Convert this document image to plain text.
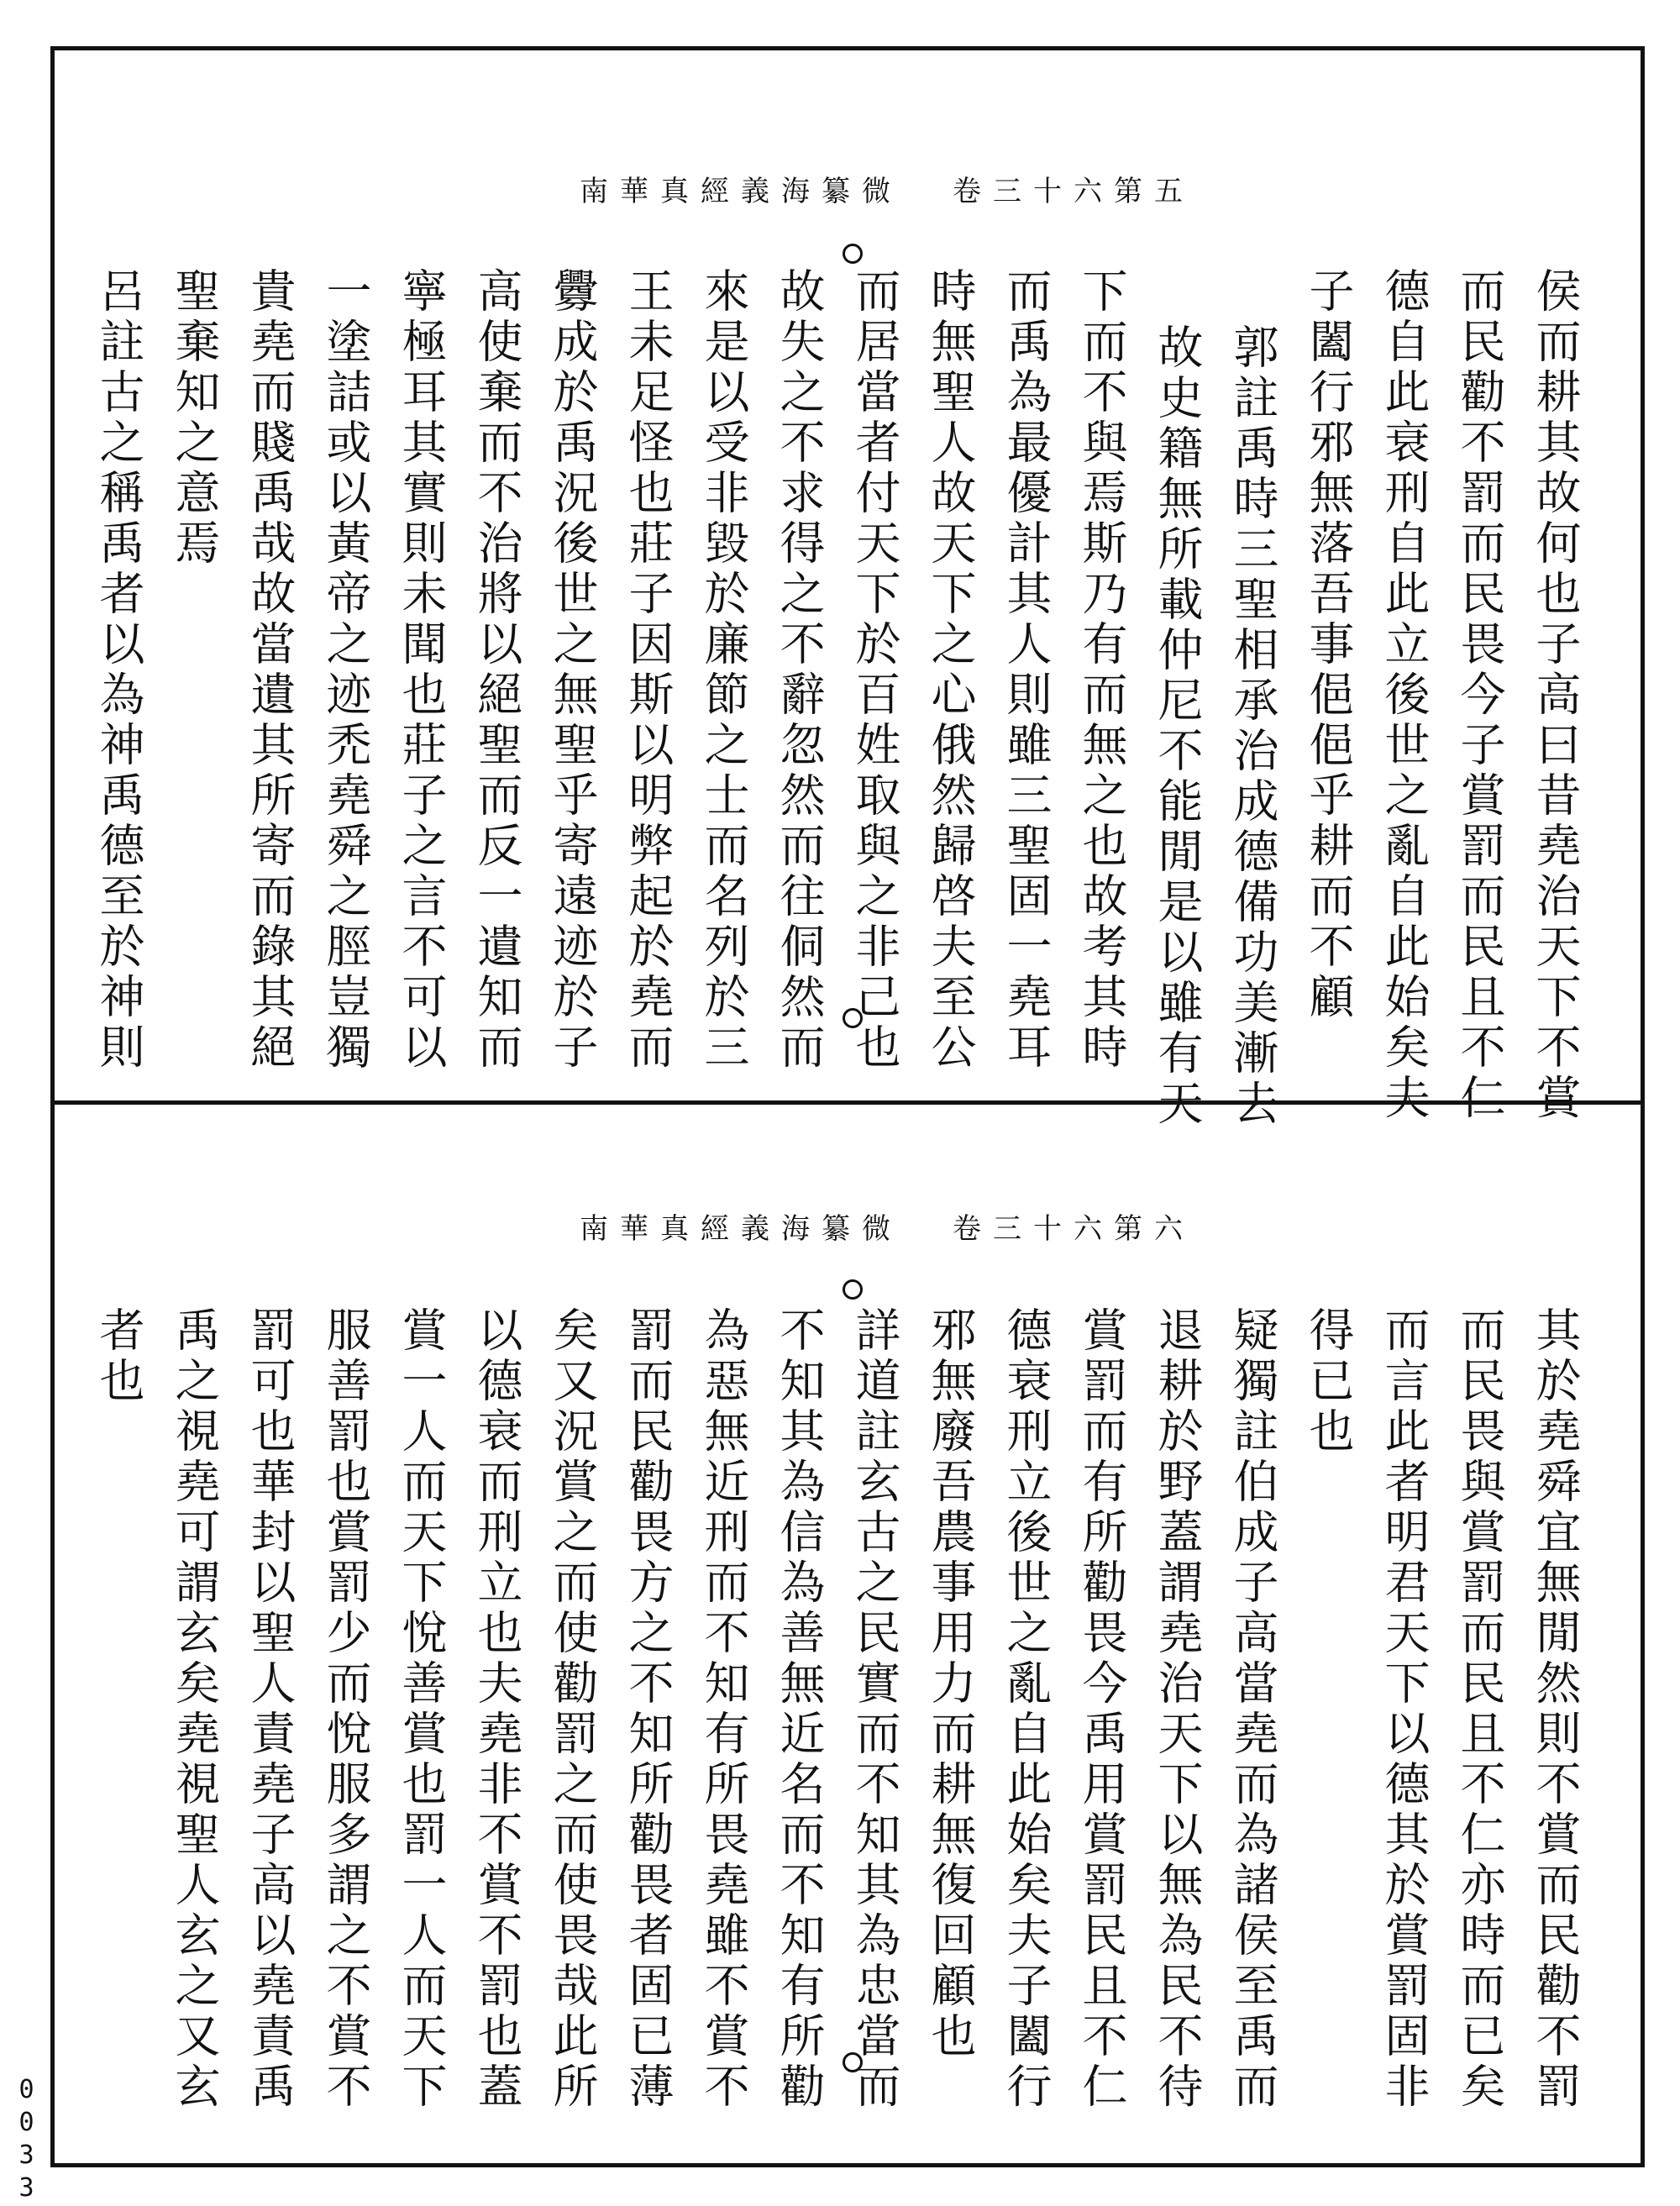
南華真經義海纂微 卷三十六第五
南華真經義海纂微 卷三十六第六
侯而耕其故何也子高曰昔堯治天下不賞
而民勸不罰而民畏今子賞罰而民且不仁
德自此衰刑自此立後世之亂自此始矣夫
子闔行邪無落吾事俋俋乎耕而不顧
郭註禹時三聖相承治成德備功美漸去
故史籍無所載仲尼不能閒是以雖有天
下而不與焉斯乃有而無之也故考其時
而禹為最優計其人則雖三聖固一堯耳
時無聖人故天下之心俄然歸啓夫至公
而居當者付天下於百姓取與之非己也
故失之不求得之不辭忽然而往侗然而
來是以受非毀於廉節之士而名列於三
王未足怪也莊子因斯以明弊起於堯而
釁成於禹況後世之無聖乎寄遠迹於子
高使棄而不治將以絕聖而反一遺知而
寧極耳其實則未聞也莊子之言不可以
一塗詰或以黃帝之迹禿堯舜之脛豈獨
貴堯而賤禹哉故當遺其所寄而錄其絕
聖棄知之意焉
呂註古之稱禹者以為神禹德至於神則
其於堯舜宜無閒然則不賞而民勸不罰
而民畏與賞罰而民且不仁亦時而已矣
而言此者明君天下以德其於賞罰固非
得已也
疑獨註伯成子高當堯而為諸侯至禹而
退耕於野蓋謂堯治天下以無為民不待
賞罰而有所勸畏今禹用賞罰民且不仁
德衰刑立後世之亂自此始矣夫子闔行
邪無廢吾農事用力而耕無復回顧也
詳道註玄古之民實而不知其為忠當而
不知其為信為善無近名而不知有所勸
為惡無近刑而不知有所畏堯雖不賞不
罰而民勸畏方之不知所勸畏者固已薄
矣又況賞之而使勸罰之而使畏哉此所
以德衰而刑立也夫堯非不賞不罰也蓋
賞一人而天下悅善賞也罰一人而天下
服善罰也賞罰少而悅服多謂之不賞不
罰可也華封以聖人責堯子高以堯責禹
禹之視堯可謂玄矣堯視聖人玄之又玄
者也
0033
